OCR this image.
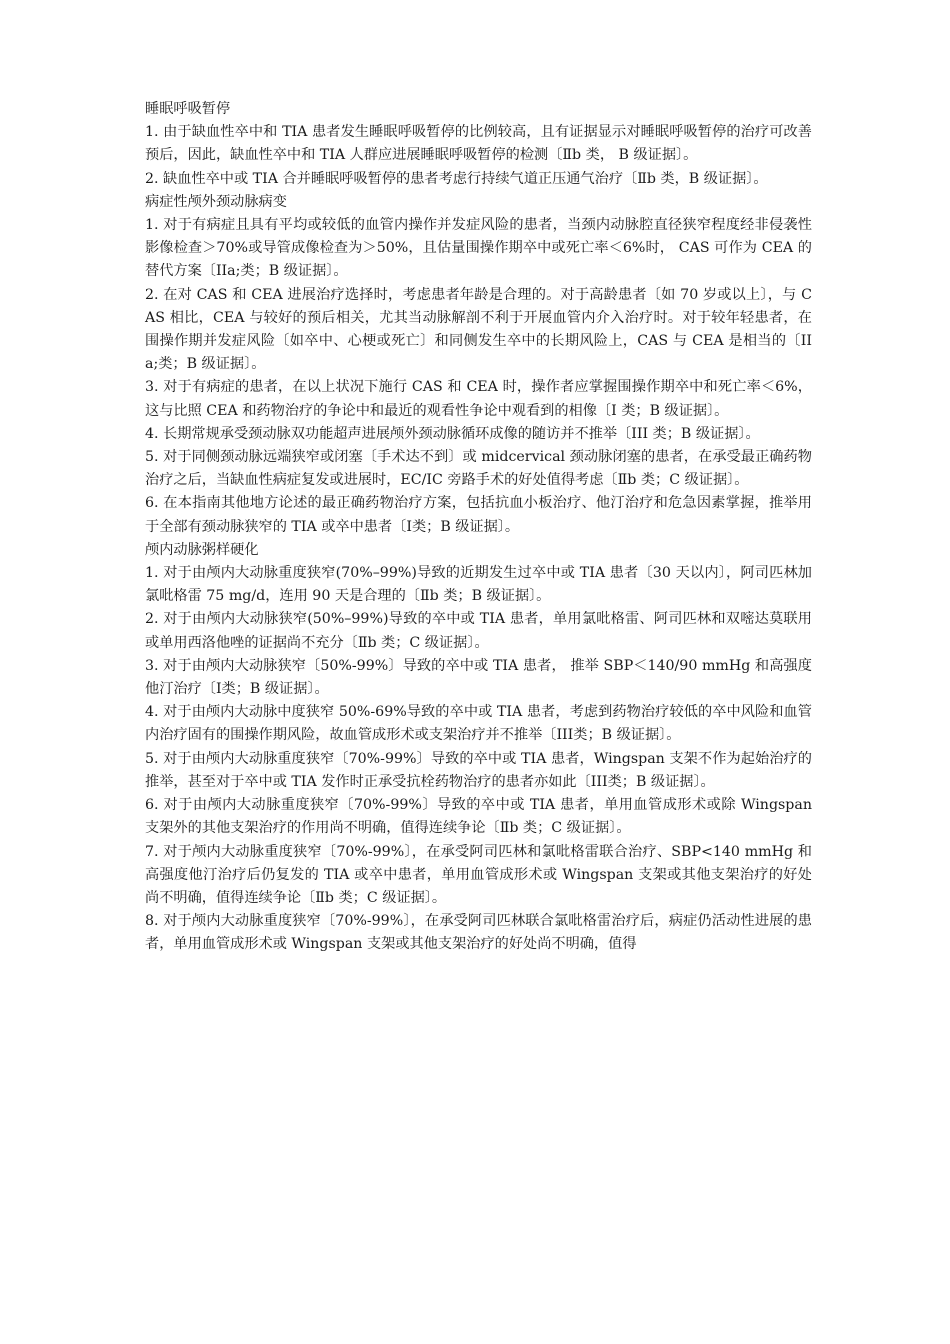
睡眠呼吸暂停

1. 由于缺血性卒中和 TIA 患者发生睡眠呼吸暂停的比例较高，且有证据显示对睡眠呼吸暂停的治疗可改善预后，因此，缺血性卒中和 TIA 人群应进展睡眠呼吸暂停的检测〔Ⅱb 类， B 级证据〕。

2. 缺血性卒中或 TIA 合并睡眠呼吸暂停的患者考虑行持续气道正压通气治疗〔Ⅱb 类，B 级证据〕。

病症性颅外颈动脉病变

1. 对于有病症且具有平均或较低的血管内操作并发症风险的患者，当颈内动脉腔直径狭窄程度经非侵袭性影像检查＞70%或导管成像检查为＞50%，且估量围操作期卒中或死亡率＜6%时， CAS 可作为 CEA 的替代方案〔IIa;类；B 级证据〕。

2. 在对 CAS 和 CEA 进展治疗选择时，考虑患者年龄是合理的。对于高龄患者〔如 70 岁或以上〕，与 CAS 相比，CEA 与较好的预后相关，尤其当动脉解剖不利于开展血管内介入治疗时。对于较年轻患者，在围操作期并发症风险〔如卒中、心梗或死亡〕和同侧发生卒中的长期风险上，CAS 与 CEA 是相当的〔IIa;类；B 级证据〕。

3. 对于有病症的患者，在以上状况下施行 CAS 和 CEA 时，操作者应掌握围操作期卒中和死亡率＜6%，这与比照 CEA 和药物治疗的争论中和最近的观看性争论中观看到的相像〔I 类；B 级证据〕。

4. 长期常规承受颈动脉双功能超声进展颅外颈动脉循环成像的随访并不推举〔III 类；B 级证据〕。

5. 对于同侧颈动脉远端狭窄或闭塞〔手术达不到〕或 midcervical 颈动脉闭塞的患者，在承受最正确药物治疗之后，当缺血性病症复发或进展时，EC/IC 旁路手术的好处值得考虑〔Ⅱb 类；C 级证据〕。

6. 在本指南其他地方论述的最正确药物治疗方案，包括抗血小板治疗、他汀治疗和危急因素掌握，推举用于全部有颈动脉狭窄的 TIA 或卒中患者〔Ⅰ类；B 级证据〕。

颅内动脉粥样硬化

1. 对于由颅内大动脉重度狭窄(70%–99%)导致的近期发生过卒中或 TIA 患者〔30 天以内〕，阿司匹林加氯吡格雷 75 mg/d，连用 90 天是合理的〔Ⅱb 类；B 级证据〕。

2. 对于由颅内大动脉狭窄(50%–99%)导致的卒中或 TIA 患者，单用氯吡格雷、阿司匹林和双嘧达莫联用或单用西洛他唑的证据尚不充分〔Ⅱb 类；C 级证据〕。

3. 对于由颅内大动脉狭窄〔50%-99%〕导致的卒中或 TIA 患者， 推举 SBP＜140/90 mmHg 和高强度他汀治疗〔Ⅰ类；B 级证据〕。

4. 对于由颅内大动脉中度狭窄 50%-69%导致的卒中或 TIA 患者，考虑到药物治疗较低的卒中风险和血管内治疗固有的围操作期风险，故血管成形术或支架治疗并不推举〔III类；B 级证据〕。

5. 对于由颅内大动脉重度狭窄〔70%-99%〕导致的卒中或 TIA 患者，Wingspan 支架不作为起始治疗的推举，甚至对于卒中或 TIA 发作时正承受抗栓药物治疗的患者亦如此〔III类；B 级证据〕。

6. 对于由颅内大动脉重度狭窄〔70%-99%〕导致的卒中或 TIA 患者，单用血管成形术或除 Wingspan 支架外的其他支架治疗的作用尚不明确，值得连续争论〔Ⅱb 类；C 级证据〕。

7. 对于颅内大动脉重度狭窄〔70%-99%〕，在承受阿司匹林和氯吡格雷联合治疗、SBP<140 mmHg 和高强度他汀治疗后仍复发的 TIA 或卒中患者，单用血管成形术或 Wingspan 支架或其他支架治疗的好处尚不明确，值得连续争论〔Ⅱb 类；C 级证据〕。

8. 对于颅内大动脉重度狭窄〔70%-99%〕，在承受阿司匹林联合氯吡格雷治疗后，病症仍活动性进展的患者，单用血管成形术或 Wingspan 支架或其他支架治疗的好处尚不明确，值得
